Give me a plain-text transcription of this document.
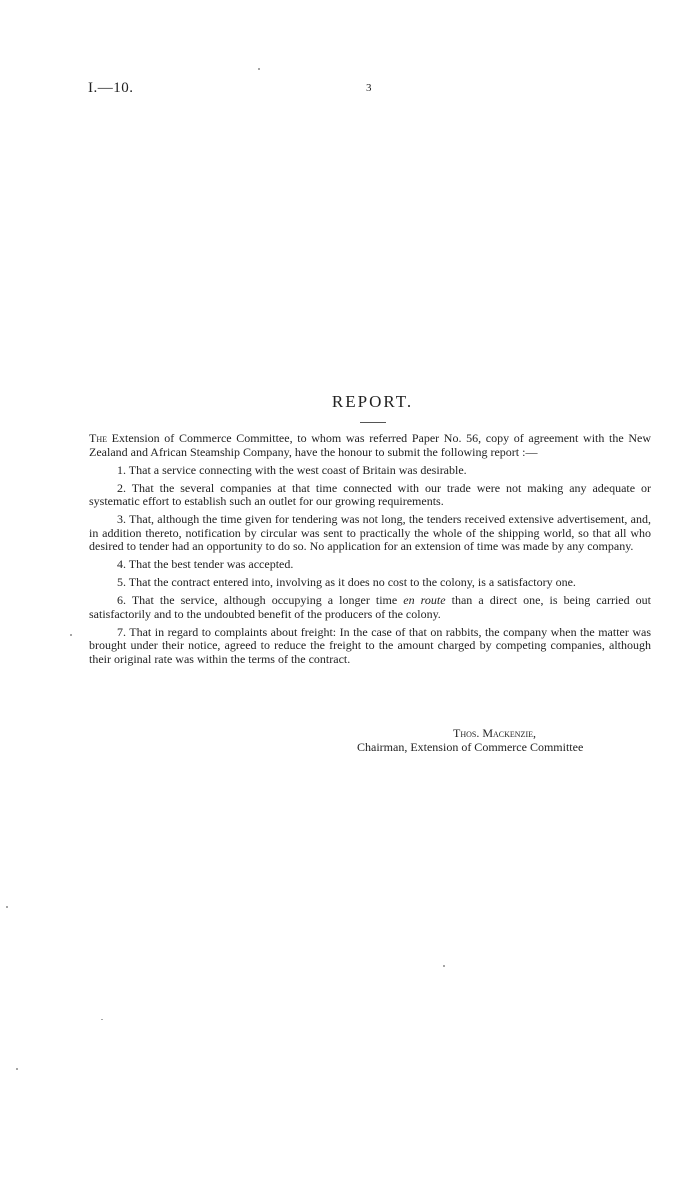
I.—10.	3
REPORT.

The Extension of Commerce Committee, to whom was referred Paper No. 56, copy of agreement with the New Zealand and African Steamship Company, have the honour to submit the following report :—

1. That a service connecting with the west coast of Britain was desirable.

2. That the several companies at that time connected with our trade were not making any adequate or systematic effort to establish such an outlet for our growing requirements.

3. That, although the time given for tendering was not long, the tenders received extensive advertisement, and, in addition thereto, notification by circular was sent to practically the whole of the shipping world, so that all who desired to tender had an opportunity to do so. No application for an extension of time was made by any company.

4. That the best tender was accepted.

5. That the contract entered into, involving as it does no cost to the colony, is a satisfactory one.

6. That the service, although occupying a longer time en route than a direct one, is being carried out satisfactorily and to the undoubted benefit of the producers of the colony.

7. That in regard to complaints about freight: In the case of that on rabbits, the company when the matter was brought under their notice, agreed to reduce the freight to the amount charged by competing companies, although their original rate was within the terms of the contract.

Thos. Mackenzie,
Chairman, Extension of Commerce Committee
